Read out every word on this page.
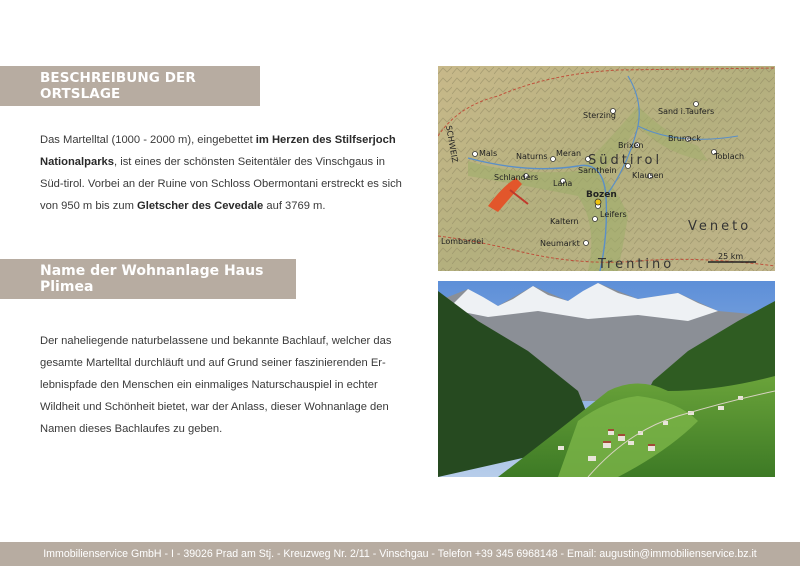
BESCHREIBUNG DER ORTSLAGE
Das Martelltal (1000 - 2000 m), eingebettet im Herzen des Stilfserjoch Nationalparks, ist eines der schönsten Seitentäler des Vinschgaus in Süd-tirol. Vorbei an der Ruine von Schloss Obermontani erstreckt es sich von 950 m bis zum Gletscher des Cevedale auf 3769 m.
Name der Wohnanlage Haus Plimea
Der naheliegende naturbelassene und bekannte Bachlauf, welcher das gesamte Martelltal durchläuft und auf Grund seiner faszinierenden Er-lebnispfade den Menschen ein einmaliges Naturschauspiel in echter Wildheit und Schönheit bietet, war der Anlass, dieser Wohnanlage den Namen dieses Bachlaufes zu geben.
Mals Naturns Meran
Schlanders
Lana
Bozen
Kaltern
Leifers
Neumarkt
Sarnthein
Klausen
Brixen
Bruneck
Toblach
Sterzing	Sand i.Taufers
Südtirol
Veneto
Trentino
Lombardei
SCHWEIZ
25 km
Immobilienservice GmbH - I - 39026 Prad am Stj. - Kreuzweg Nr. 2/11 - Vinschgau - Telefon +39 345 6968148 - Email: augustin@immobilienservice.bz.it
